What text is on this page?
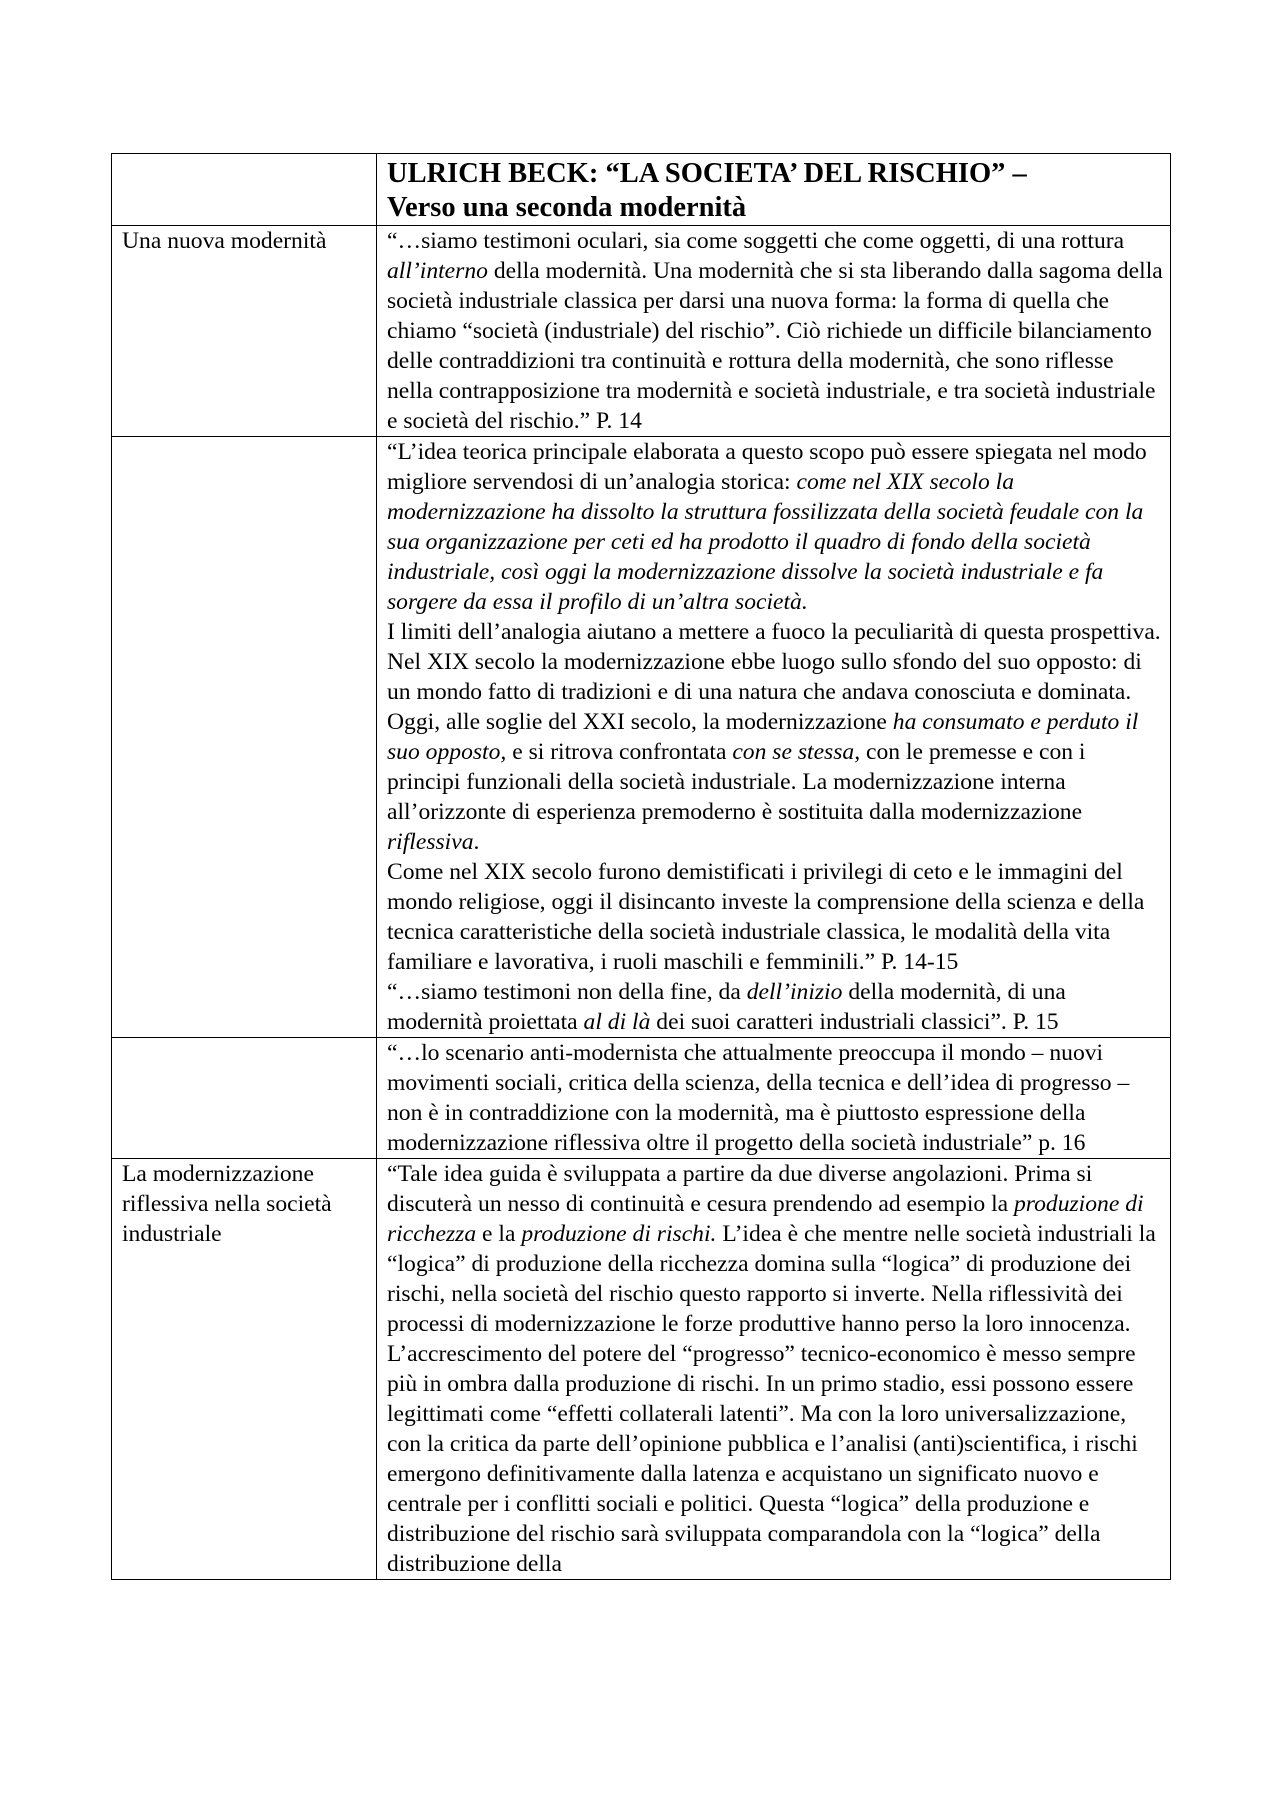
	ULRICH BECK: “LA SOCIETA’ DEL RISCHIO” –
Verso una seconda modernità

Una nuova modernità	“…siamo testimoni oculari, sia come soggetti che come oggetti, di una rottura all’interno della modernità. Una modernità che si sta liberando dalla sagoma della società industriale classica per darsi una nuova forma: la forma di quella che chiamo “società (industriale) del rischio”. Ciò richiede un difficile bilanciamento delle contraddizioni tra continuità e rottura della modernità, che sono riflesse nella contrapposizione tra modernità e società industriale, e tra società industriale e società del rischio.” P. 14

	“L’idea teorica principale elaborata a questo scopo può essere spiegata nel modo migliore servendosi di un’analogia storica: come nel XIX secolo la modernizzazione ha dissolto la struttura fossilizzata della società feudale con la sua organizzazione per ceti ed ha prodotto il quadro di fondo della società industriale, così oggi la modernizzazione dissolve la società industriale e fa sorgere da essa il profilo di un’altra società.
I limiti dell’analogia aiutano a mettere a fuoco la peculiarità di questa prospettiva. Nel XIX secolo la modernizzazione ebbe luogo sullo sfondo del suo opposto: di un mondo fatto di tradizioni e di una natura che andava conosciuta e dominata. Oggi, alle soglie del XXI secolo, la modernizzazione ha consumato e perduto il suo opposto, e si ritrova confrontata con se stessa, con le premesse e con i principi funzionali della società industriale. La modernizzazione interna all’orizzonte di esperienza premoderno è sostituita dalla modernizzazione riflessiva.
Come nel XIX secolo furono demistificati i privilegi di ceto e le immagini del mondo religiose, oggi il disincanto investe la comprensione della scienza e della tecnica caratteristiche della società industriale classica, le modalità della vita familiare e lavorativa, i ruoli maschili e femminili.” P. 14-15
“…siamo testimoni non della fine, da dell’inizio della modernità, di una modernità proiettata al di là dei suoi caratteri industriali classici”. P. 15

	“…lo scenario anti-modernista che attualmente preoccupa il mondo – nuovi movimenti sociali, critica della scienza, della tecnica e dell’idea di progresso – non è in contraddizione con la modernità, ma è piuttosto espressione della modernizzazione riflessiva oltre il progetto della società industriale” p. 16

La modernizzazione riflessiva nella società industriale	“Tale idea guida è sviluppata a partire da due diverse angolazioni. Prima si discuterà un nesso di continuità e cesura prendendo ad esempio la produzione di ricchezza e la produzione di rischi. L’idea è che mentre nelle società industriali la “logica” di produzione della ricchezza domina sulla “logica” di produzione dei rischi, nella società del rischio questo rapporto si inverte. Nella riflessività dei processi di modernizzazione le forze produttive hanno perso la loro innocenza. L’accrescimento del potere del “progresso” tecnico-economico è messo sempre più in ombra dalla produzione di rischi. In un primo stadio, essi possono essere legittimati come “effetti collaterali latenti”. Ma con la loro universalizzazione, con la critica da parte dell’opinione pubblica e l’analisi (anti)scientifica, i rischi emergono definitivamente dalla latenza e acquistano un significato nuovo e centrale per i conflitti sociali e politici. Questa “logica” della produzione e distribuzione del rischio sarà sviluppata comparandola con la “logica” della distribuzione della
